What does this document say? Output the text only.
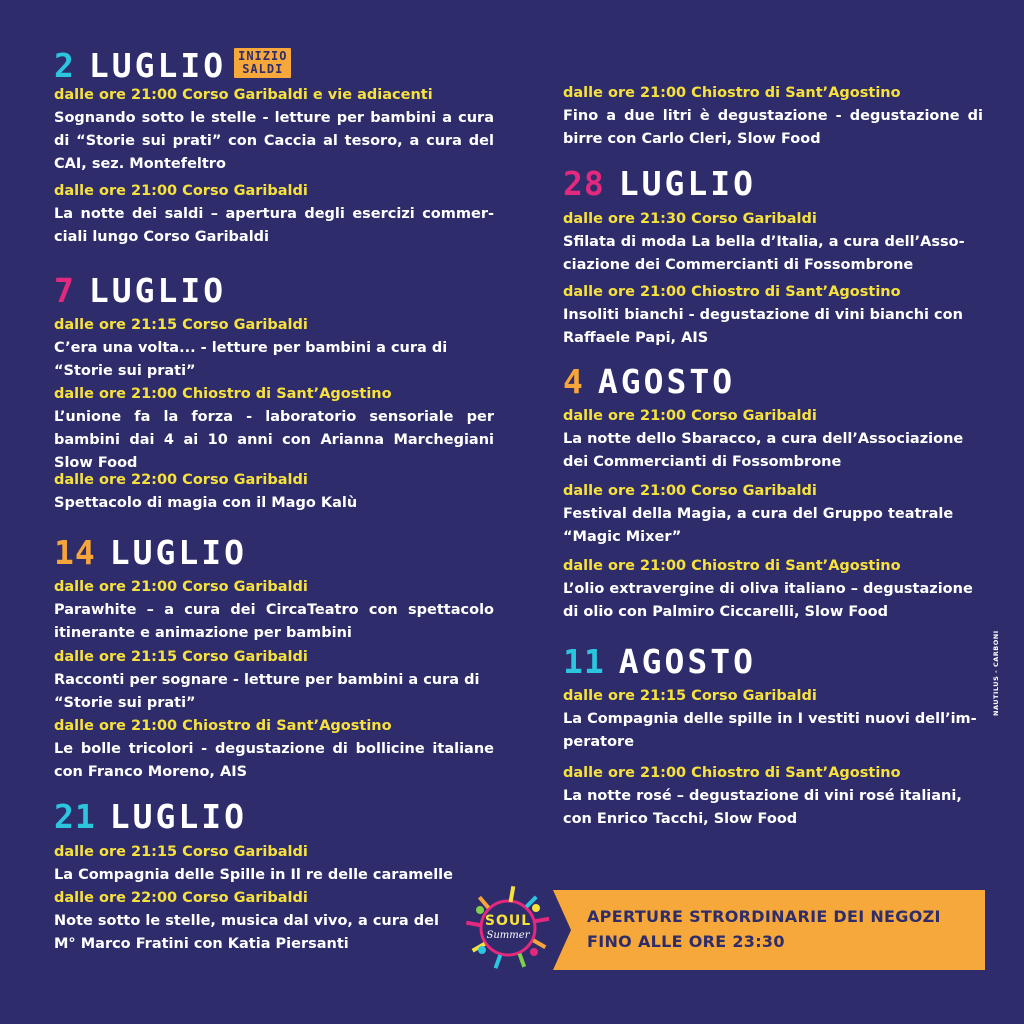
2 LUGLIO INIZIO
SALDI
dalle ore 21:00 Corso Garibaldi e vie adiacenti
Sognando sotto le stelle - letture per bambini a cura di “Storie sui prati” con Caccia al tesoro, a cura del CAI, sez. Montefeltro
dalle ore 21:00 Corso Garibaldi
La notte dei saldi – apertura degli esercizi commer-ciali lungo Corso Garibaldi
7 LUGLIO
dalle ore 21:15 Corso Garibaldi
C’era una volta... - letture per bambini a cura di “Storie sui prati”
dalle ore 21:00 Chiostro di Sant’Agostino
L’unione fa la forza - laboratorio sensoriale per bambini dai 4 ai 10 anni con Arianna Marchegiani Slow Food
dalle ore 22:00 Corso Garibaldi
Spettacolo di magia con il Mago Kalù
14 LUGLIO
dalle ore 21:00 Corso Garibaldi
Parawhite – a cura dei CircaTeatro con spettacolo itinerante e animazione per bambini
dalle ore 21:15 Corso Garibaldi
Racconti per sognare - letture per bambini a cura di “Storie sui prati”
dalle ore 21:00 Chiostro di Sant’Agostino
Le bolle tricolori - degustazione di bollicine italiane con Franco Moreno, AIS
21 LUGLIO
dalle ore 21:15 Corso Garibaldi
La Compagnia delle Spille in Il re delle caramelle
dalle ore 22:00 Corso Garibaldi
Note sotto le stelle, musica dal vivo, a cura del M° Marco Fratini con Katia Piersanti
dalle ore 21:00 Chiostro di Sant’Agostino
Fino a due litri è degustazione - degustazione di birre con Carlo Cleri, Slow Food
28 LUGLIO
dalle ore 21:30 Corso Garibaldi
Sfilata di moda La bella d’Italia, a cura dell’Asso-ciazione dei Commercianti di Fossombrone
dalle ore 21:00 Chiostro di Sant’Agostino
Insoliti bianchi - degustazione di vini bianchi con Raffaele Papi, AIS
4 AGOSTO
dalle ore 21:00 Corso Garibaldi
La notte dello Sbaracco, a cura dell’Associazione dei Commercianti di Fossombrone
dalle ore 21:00 Corso Garibaldi
Festival della Magia, a cura del Gruppo teatrale “Magic Mixer”
dalle ore 21:00 Chiostro di Sant’Agostino
L’olio extravergine di oliva italiano – degustazione di olio con Palmiro Ciccarelli, Slow Food
11 AGOSTO
dalle ore 21:15 Corso Garibaldi
La Compagnia delle spille in I vestiti nuovi dell’im-peratore
dalle ore 21:00 Chiostro di Sant’Agostino
La notte rosé – degustazione di vini rosé italiani, con Enrico Tacchi, Slow Food
NAUTILUS - CARBONI
SOUL
Summer
APERTURE STRORDINARIE DEI NEGOZI
FINO ALLE ORE 23:30
